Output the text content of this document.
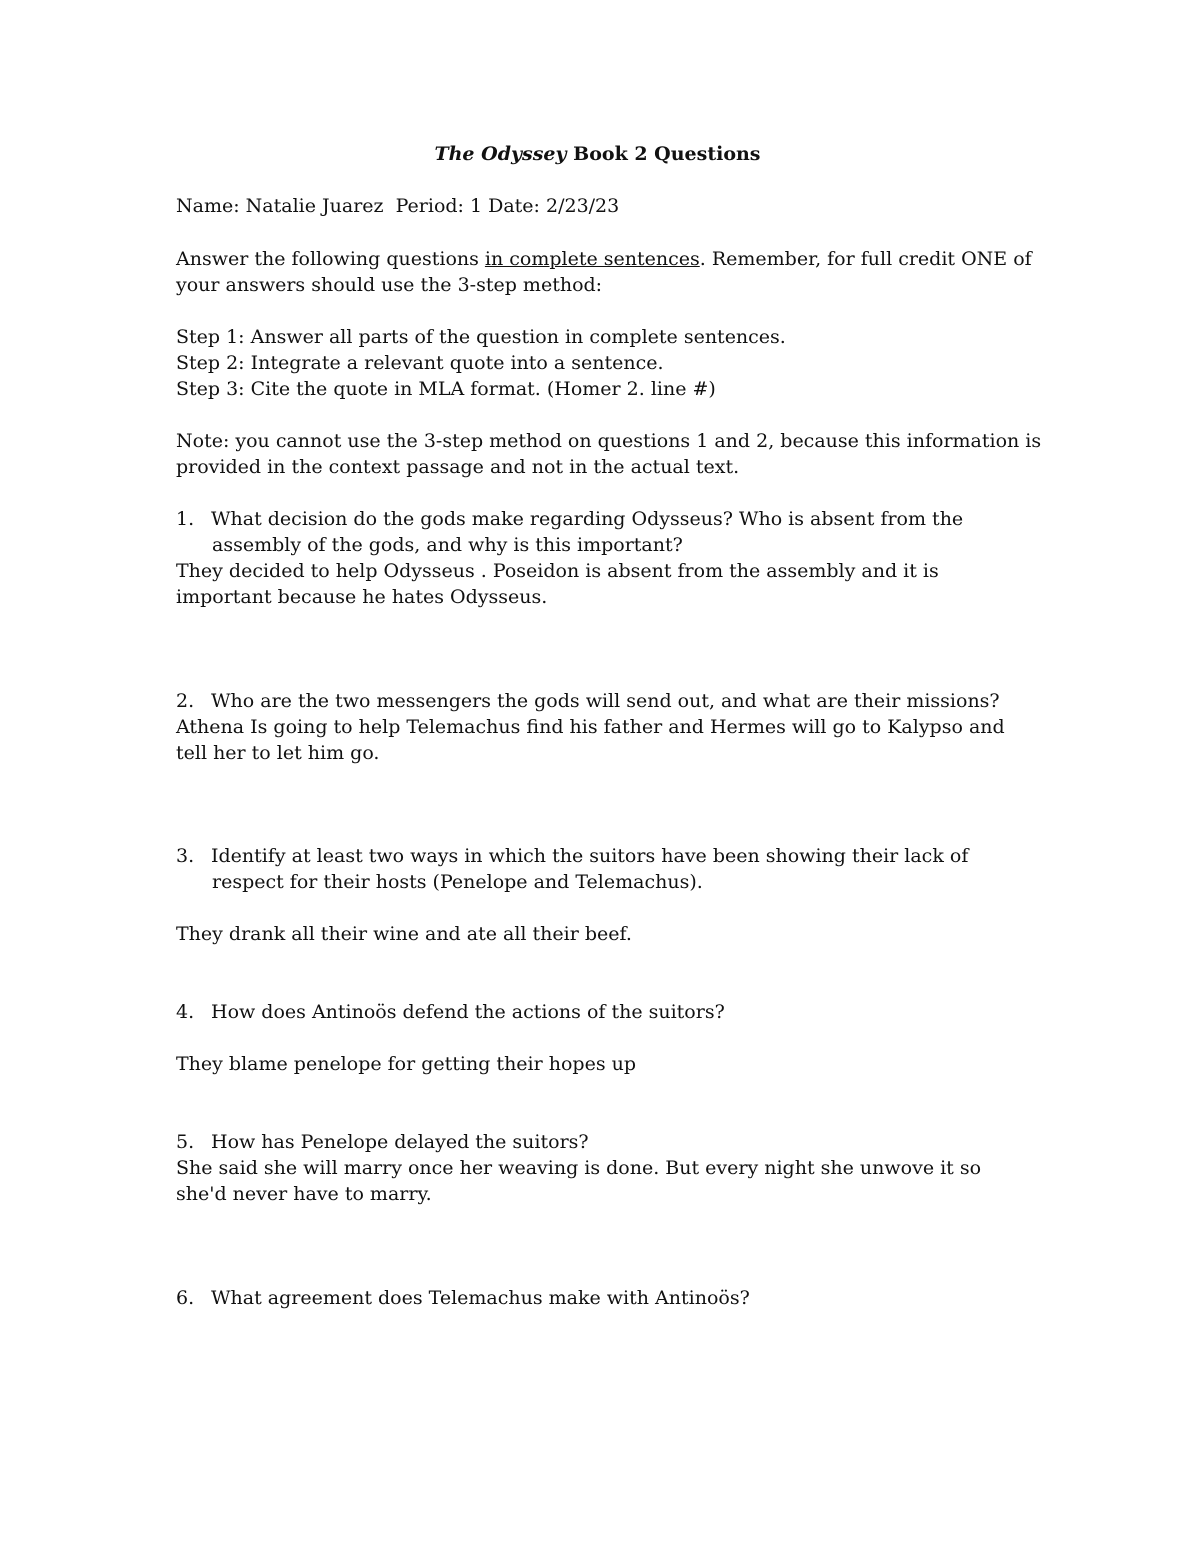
The Odyssey Book 2 Questions

Name: Natalie Juarez  Period: 1 Date: 2/23/23

Answer the following questions in complete sentences. Remember, for full credit ONE of

your answers should use the 3-step method:

Step 1: Answer all parts of the question in complete sentences.

Step 2: Integrate a relevant quote into a sentence.

Step 3: Cite the quote in MLA format. (Homer 2. line #)

Note: you cannot use the 3-step method on questions 1 and 2, because this information is

provided in the context passage and not in the actual text.

1. What decision do the gods make regarding Odysseus? Who is absent from the

assembly of the gods, and why is this important?

They decided to help Odysseus . Poseidon is absent from the assembly and it is

important because he hates Odysseus.

2. Who are the two messengers the gods will send out, and what are their missions?

Athena Is going to help Telemachus find his father and Hermes will go to Kalypso and

tell her to let him go.

3. Identify at least two ways in which the suitors have been showing their lack of

respect for their hosts (Penelope and Telemachus).

They drank all their wine and ate all their beef.

4. How does Antinoös defend the actions of the suitors?

They blame penelope for getting their hopes up

5. How has Penelope delayed the suitors?

She said she will marry once her weaving is done. But every night she unwove it so

she'd never have to marry.

6. What agreement does Telemachus make with Antinoös?
